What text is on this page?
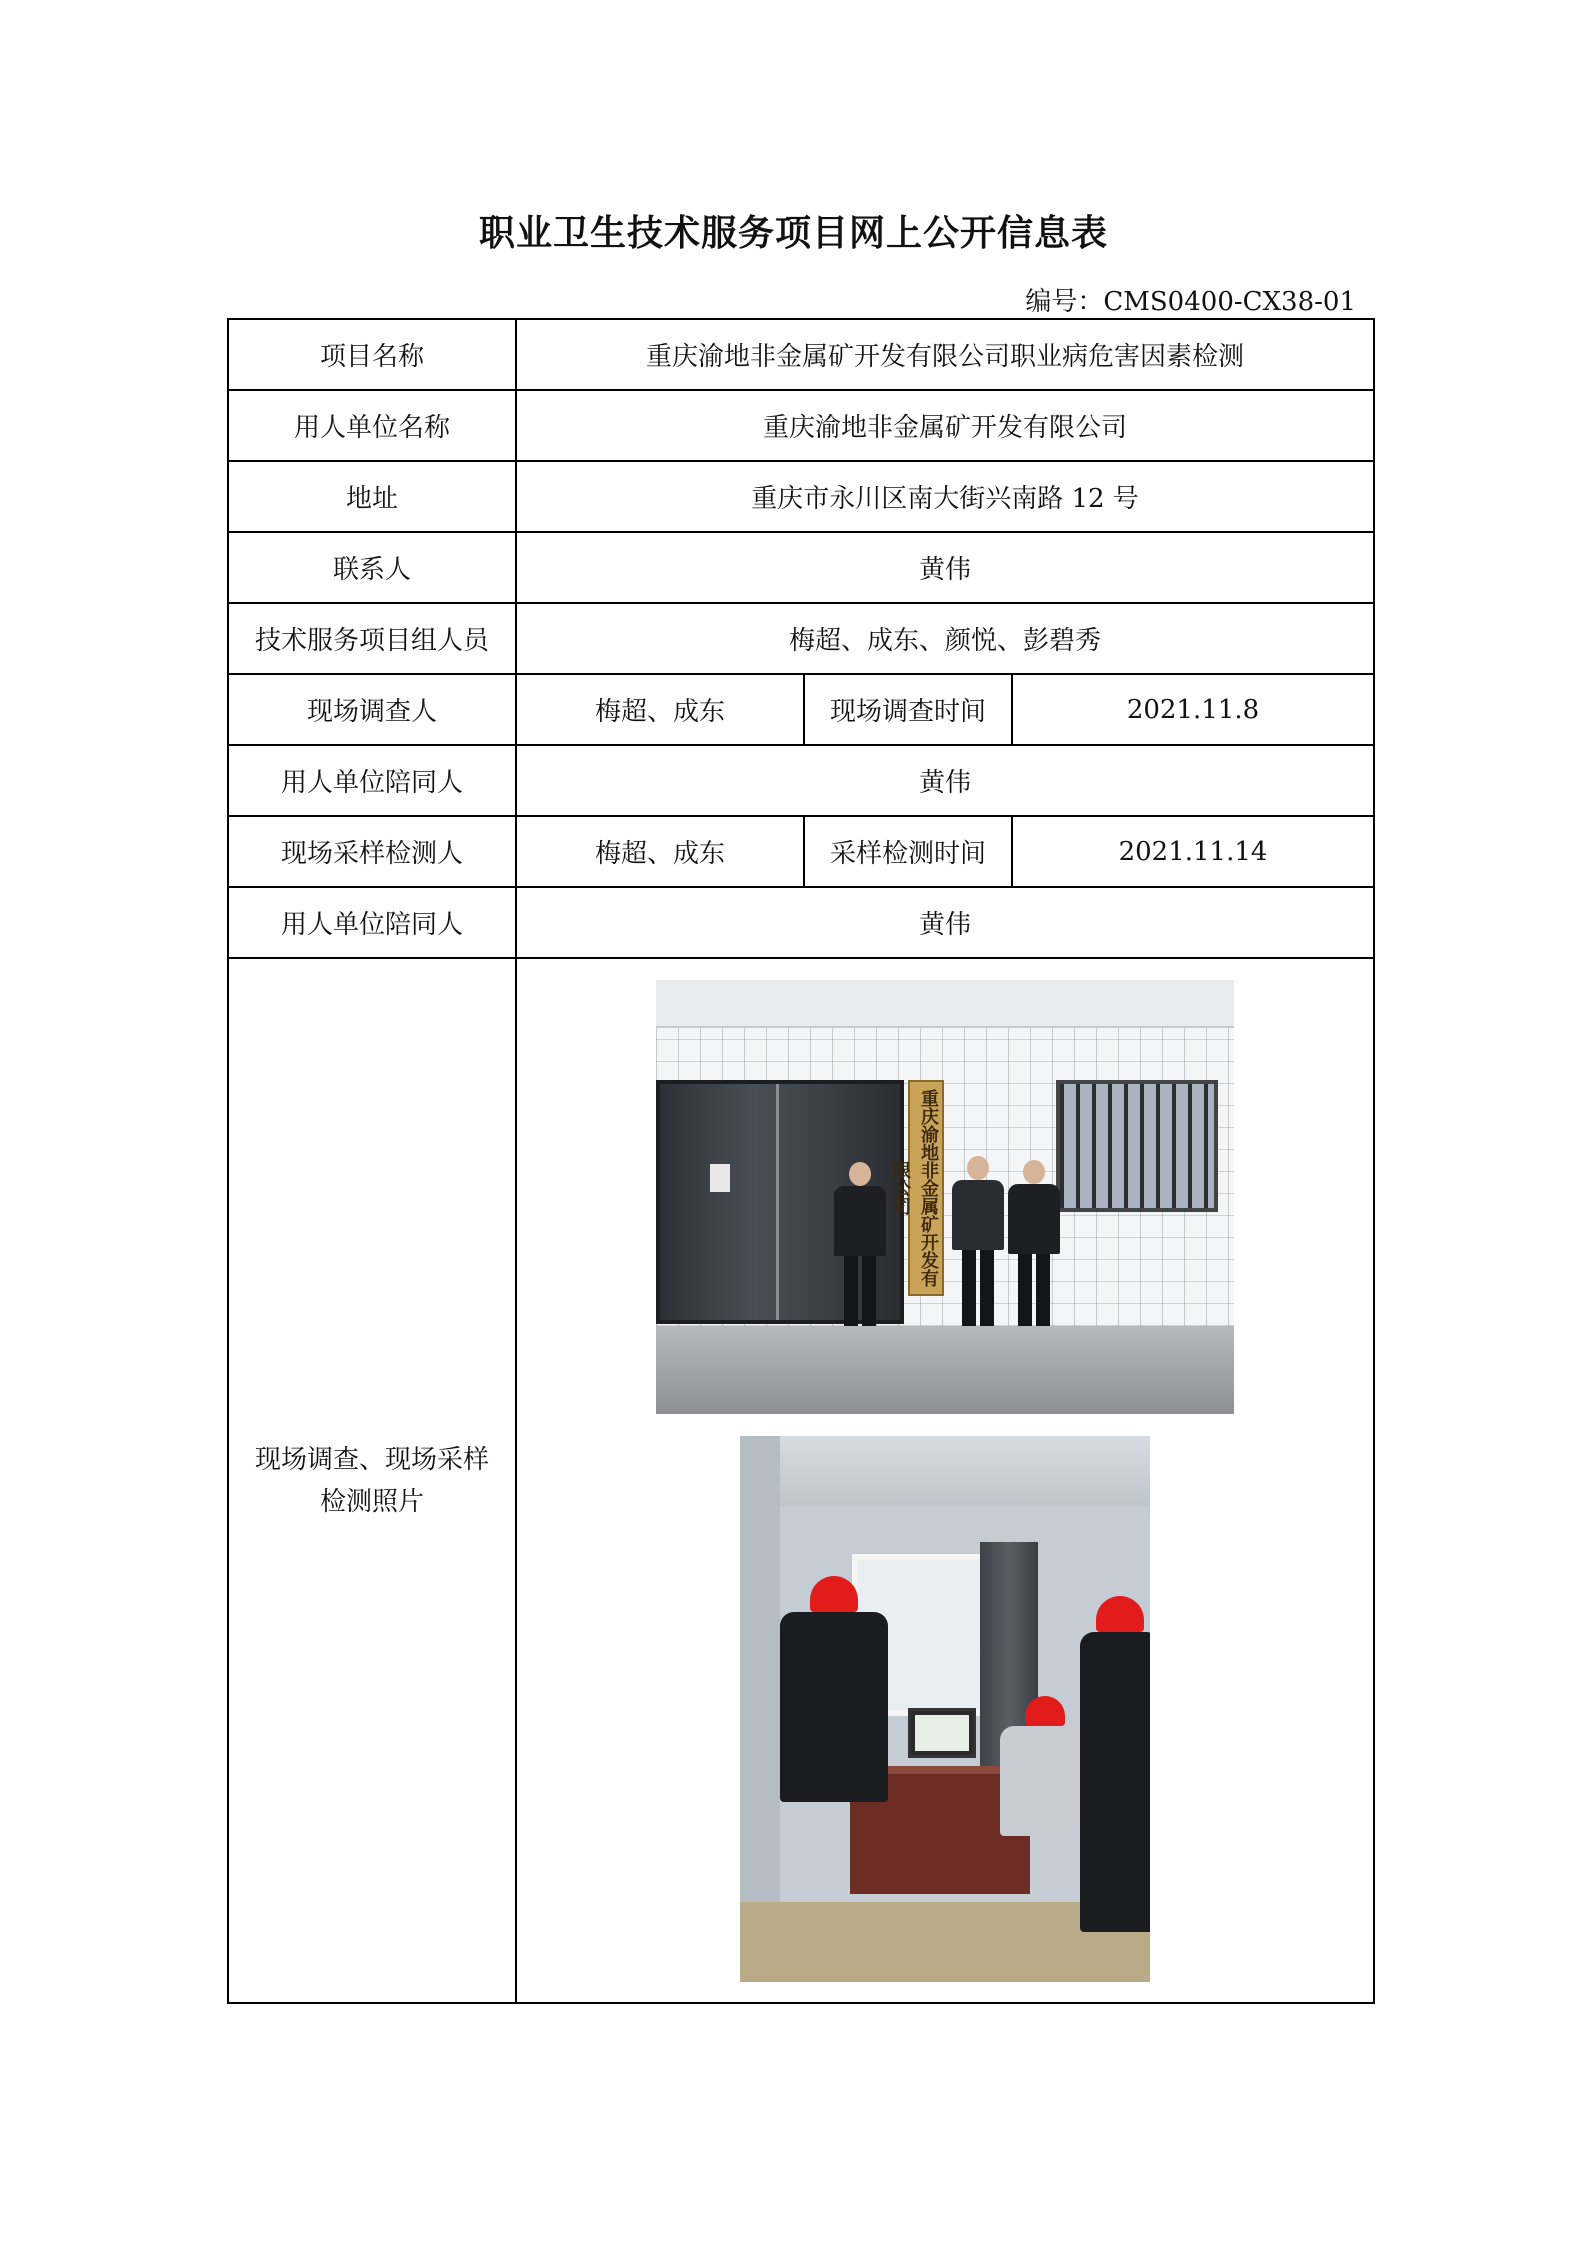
职业卫生技术服务项目网上公开信息表
编号：CMS0400-CX38-01
项目名称	重庆渝地非金属矿开发有限公司职业病危害因素检测		
用人单位名称	重庆渝地非金属矿开发有限公司		
地址	重庆市永川区南大街兴南路 12 号		
联系人	黄伟		
技术服务项目组人员	梅超、成东、颜悦、彭碧秀		
现场调查人	梅超、成东	现场调查时间	2021.11.8
用人单位陪同人	黄伟		
现场采样检测人	梅超、成东	采样检测时间	2021.11.14
用人单位陪同人	黄伟		
现场调查、现场采样
检测照片	重庆渝地非金属矿开发有限公司		
